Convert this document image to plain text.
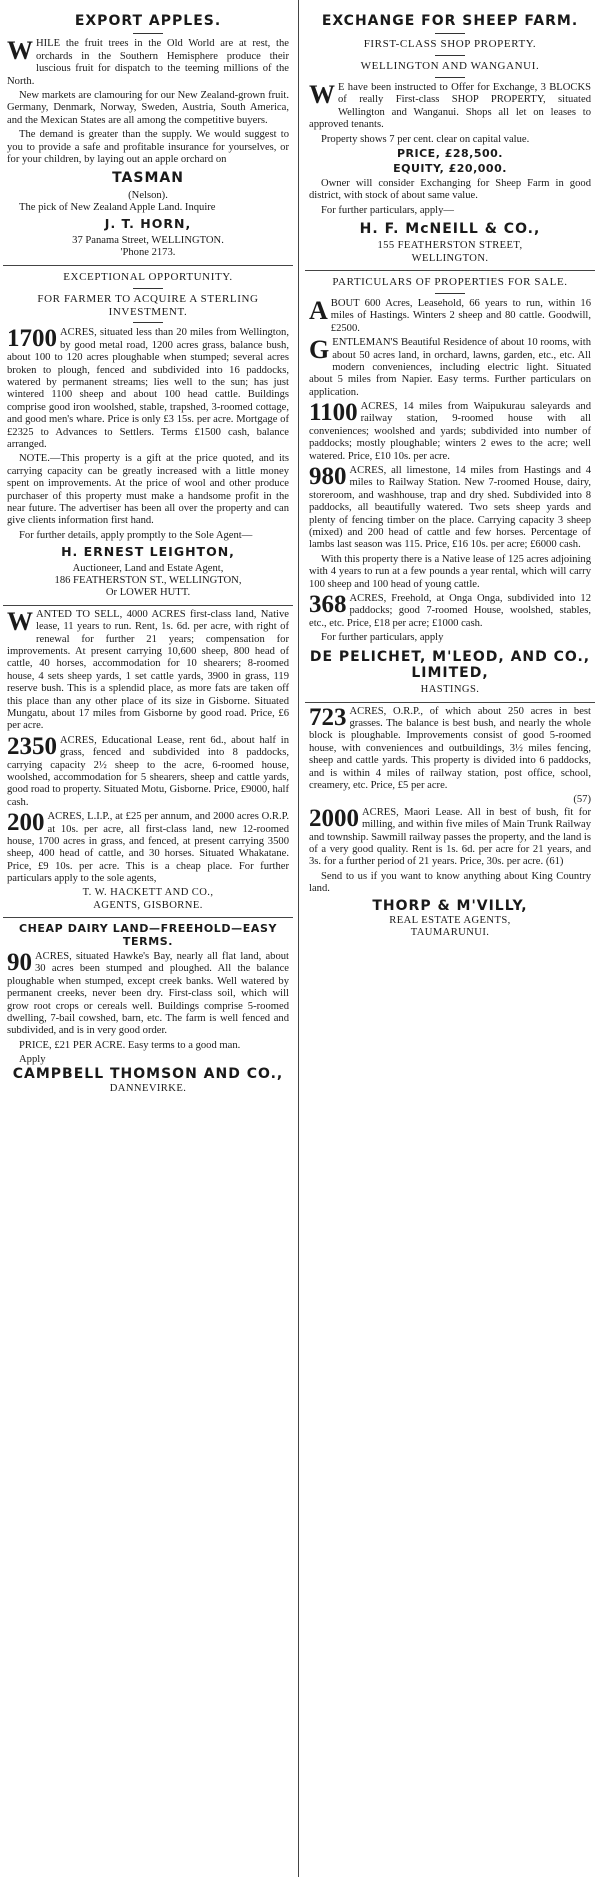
EXPORT APPLES.

WHILE the fruit trees in the Old World are at rest, the orchards in the Southern Hemisphere produce their luscious fruit for dispatch to the teeming millions of the North.

New markets are clamouring for our New Zealand-grown fruit. Germany, Denmark, Norway, Sweden, Austria, South America, and the Mexican States are all among the competitive buyers.

The demand is greater than the supply. We would suggest to you to provide a safe and profitable insurance for yourselves, or for your children, by laying out an apple orchard on

TASMAN
(Nelson).

The pick of New Zealand Apple Land. Inquire

J. T. HORN,
37 Panama Street, WELLINGTON.
'Phone 2173.
EXCEPTIONAL OPPORTUNITY.
FOR FARMER TO ACQUIRE A STERLING INVESTMENT.

1700 ACRES, situated less than 20 miles from Wellington, by good metal road, 1200 acres grass, balance bush, about 100 to 120 acres ploughable when stumped; several acres broken to plough, fenced and subdivided into 16 paddocks, watered by permanent streams; lies well to the sun; has just wintered 1100 sheep and about 100 head cattle. Buildings comprise good iron woolshed, stable, trapshed, 3-roomed cottage, and good men's whare. Price is only £3 15s. per acre. Mortgage of £2325 to Advances to Settlers. Terms £1500 cash, balance arranged.

NOTE.—This property is a gift at the price quoted, and its carrying capacity can be greatly increased with a little money spent on improvements. At the price of wool and other produce purchaser of this property must make a handsome profit in the near future. The advertiser has been all over the property and can give clients information first hand.

For further details, apply promptly to the Sole Agent—

H. ERNEST LEIGHTON,
Auctioneer, Land and Estate Agent,
186 FEATHERSTON ST., WELLINGTON,
Or LOWER HUTT.

WANTED TO SELL, 4000 ACRES first-class land, Native lease, 11 years to run. Rent, 1s. 6d. per acre, with right of renewal for further 21 years; compensation for improvements. At present carrying 10,600 sheep, 800 head of cattle, 40 horses, accommodation for 10 shearers; 8-roomed house, 4 sets sheep yards, 1 set cattle yards, 3900 in grass, 119 reserve bush. This is a splendid place, as more fats are taken off this place than any other place of its size in Gisborne. Situated Mungatu, about 17 miles from Gisborne by good road. Price, £6 per acre.

2350 ACRES, Educational Lease, rent 6d., about half in grass, fenced and subdivided into 8 paddocks, carrying capacity 2½ sheep to the acre, 6-roomed house, woolshed, accommodation for 5 shearers, sheep and cattle yards, good road to property. Situated Motu, Gisborne. Price, £9000, half cash.

200 ACRES, L.I.P., at £25 per annum, and 2000 acres O.R.P. at 10s. per acre, all first-class land, new 12-roomed house, 1700 acres in grass, and fenced, at present carrying 3500 sheep, 400 head of cattle, and 30 horses. Situated Whakatane. Price, £9 10s. per acre. This is a cheap place. For further particulars apply to the sole agents,

T. W. HACKETT AND CO.,
AGENTS, GISBORNE.
CHEAP DAIRY LAND—FREEHOLD—EASY TERMS.

90 ACRES, situated Hawke's Bay, nearly all flat land, about 30 acres been stumped and ploughed. All the balance ploughable when stumped, except creek banks. Well watered by permanent creeks, never been dry. First-class soil, which will grow root crops or cereals well. Buildings comprise 5-roomed dwelling, 7-bail cowshed, barn, etc. The farm is well fenced and subdivided, and is in very good order.

PRICE, £21 PER ACRE. Easy terms to a good man.

Apply
CAMPBELL THOMSON AND CO.,
DANNEVIRKE.
EXCHANGE FOR SHEEP FARM.
FIRST-CLASS SHOP PROPERTY.
WELLINGTON AND WANGANUI.

W E have been instructed to Offer for Exchange, 3 BLOCKS of really First-class SHOP PROPERTY, situated Wellington and Wanganui. Shops all let on leases to approved tenants.

Property shows 7 per cent. clear on capital value.

PRICE, £28,500.
EQUITY, £20,000.

Owner will consider Exchanging for Sheep Farm in good district, with stock of about same value.

For further particulars, apply—

H. F. McNEILL & CO.,
155 FEATHERSTON STREET,
WELLINGTON.
PARTICULARS OF PROPERTIES FOR SALE.

ABOUT 600 Acres, Leasehold, 66 years to run, within 16 miles of Hastings. Winters 2 sheep and 80 cattle. Goodwill, £2500.

GENTLEMAN'S Beautiful Residence of about 10 rooms, with about 50 acres land, in orchard, lawns, garden, etc., etc. All modern conveniences, including electric light. Situated about 5 miles from Napier. Easy terms. Further particulars on application.

1100 ACRES, 14 miles from Waipukurau saleyards and railway station, 9-roomed house with all conveniences; woolshed and yards; subdivided into number of paddocks; mostly ploughable; winters 2 ewes to the acre; well watered. Price, £10 10s. per acre.

980 ACRES, all limestone, 14 miles from Hastings and 4 miles to Railway Station. New 7-roomed House, dairy, storeroom, and washhouse, trap and dry shed. Subdivided into 8 paddocks, all beautifully watered. Two sets sheep yards and plenty of fencing timber on the place. Carrying capacity 3 sheep (mixed) and 200 head of cattle and few horses. Percentage of lambs last season was 115. Price, £16 10s. per acre; £6000 cash.

With this property there is a Native lease of 125 acres adjoining with 4 years to run at a few pounds a year rental, which will carry 100 sheep and 100 head of young cattle.

368 ACRES, Freehold, at Onga Onga, subdivided into 12 paddocks; good 7-roomed House, woolshed, stables, etc., etc. Price, £18 per acre; £1000 cash.

For further particulars, apply

DE PELICHET, M'LEOD, AND CO., LIMITED,
HASTINGS.

723 ACRES, O.R.P., of which about 250 acres in best grasses. The balance is best bush, and nearly the whole block is ploughable. Improvements consist of good 5-roomed house, with conveniences and outbuildings, 3½ miles fencing, sheep and cattle yards. This property is divided into 6 paddocks, and is within 4 miles of railway station, post office, school, creamery, etc. Price, £5 per acre.

(57)

2000 ACRES, Maori Lease. All in best of bush, fit for milling, and within five miles of Main Trunk Railway and township. Sawmill railway passes the property, and the land is of a very good quality. Rent is 1s. 6d. per acre for 21 years, and 3s. for a further period of 21 years. Price, 30s. per acre. (61)

Send to us if you want to know anything about King Country land.

THORP & M'VILLY,
REAL ESTATE AGENTS,
TAUMARUNUI.
